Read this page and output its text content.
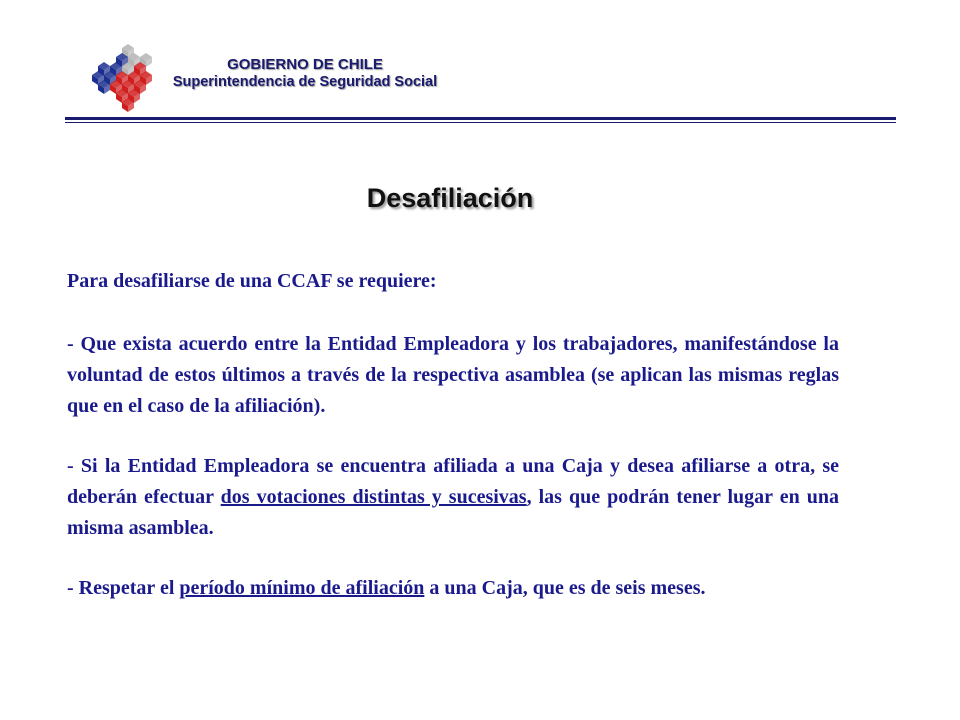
GOBIERNO DE CHILE
Superintendencia de Seguridad Social
Desafiliación

Para desafiliarse de una CCAF se requiere:

- Que exista acuerdo entre la Entidad Empleadora y los trabajadores, manifestándose la voluntad de estos últimos a través de la respectiva asamblea (se aplican las mismas reglas que en el caso de la afiliación).

- Si la Entidad Empleadora se encuentra afiliada a una Caja y desea afiliarse a otra, se deberán efectuar dos votaciones distintas y sucesivas, las que podrán tener lugar en una misma asamblea.

- Respetar el período mínimo de afiliación a una Caja, que es de seis meses.
